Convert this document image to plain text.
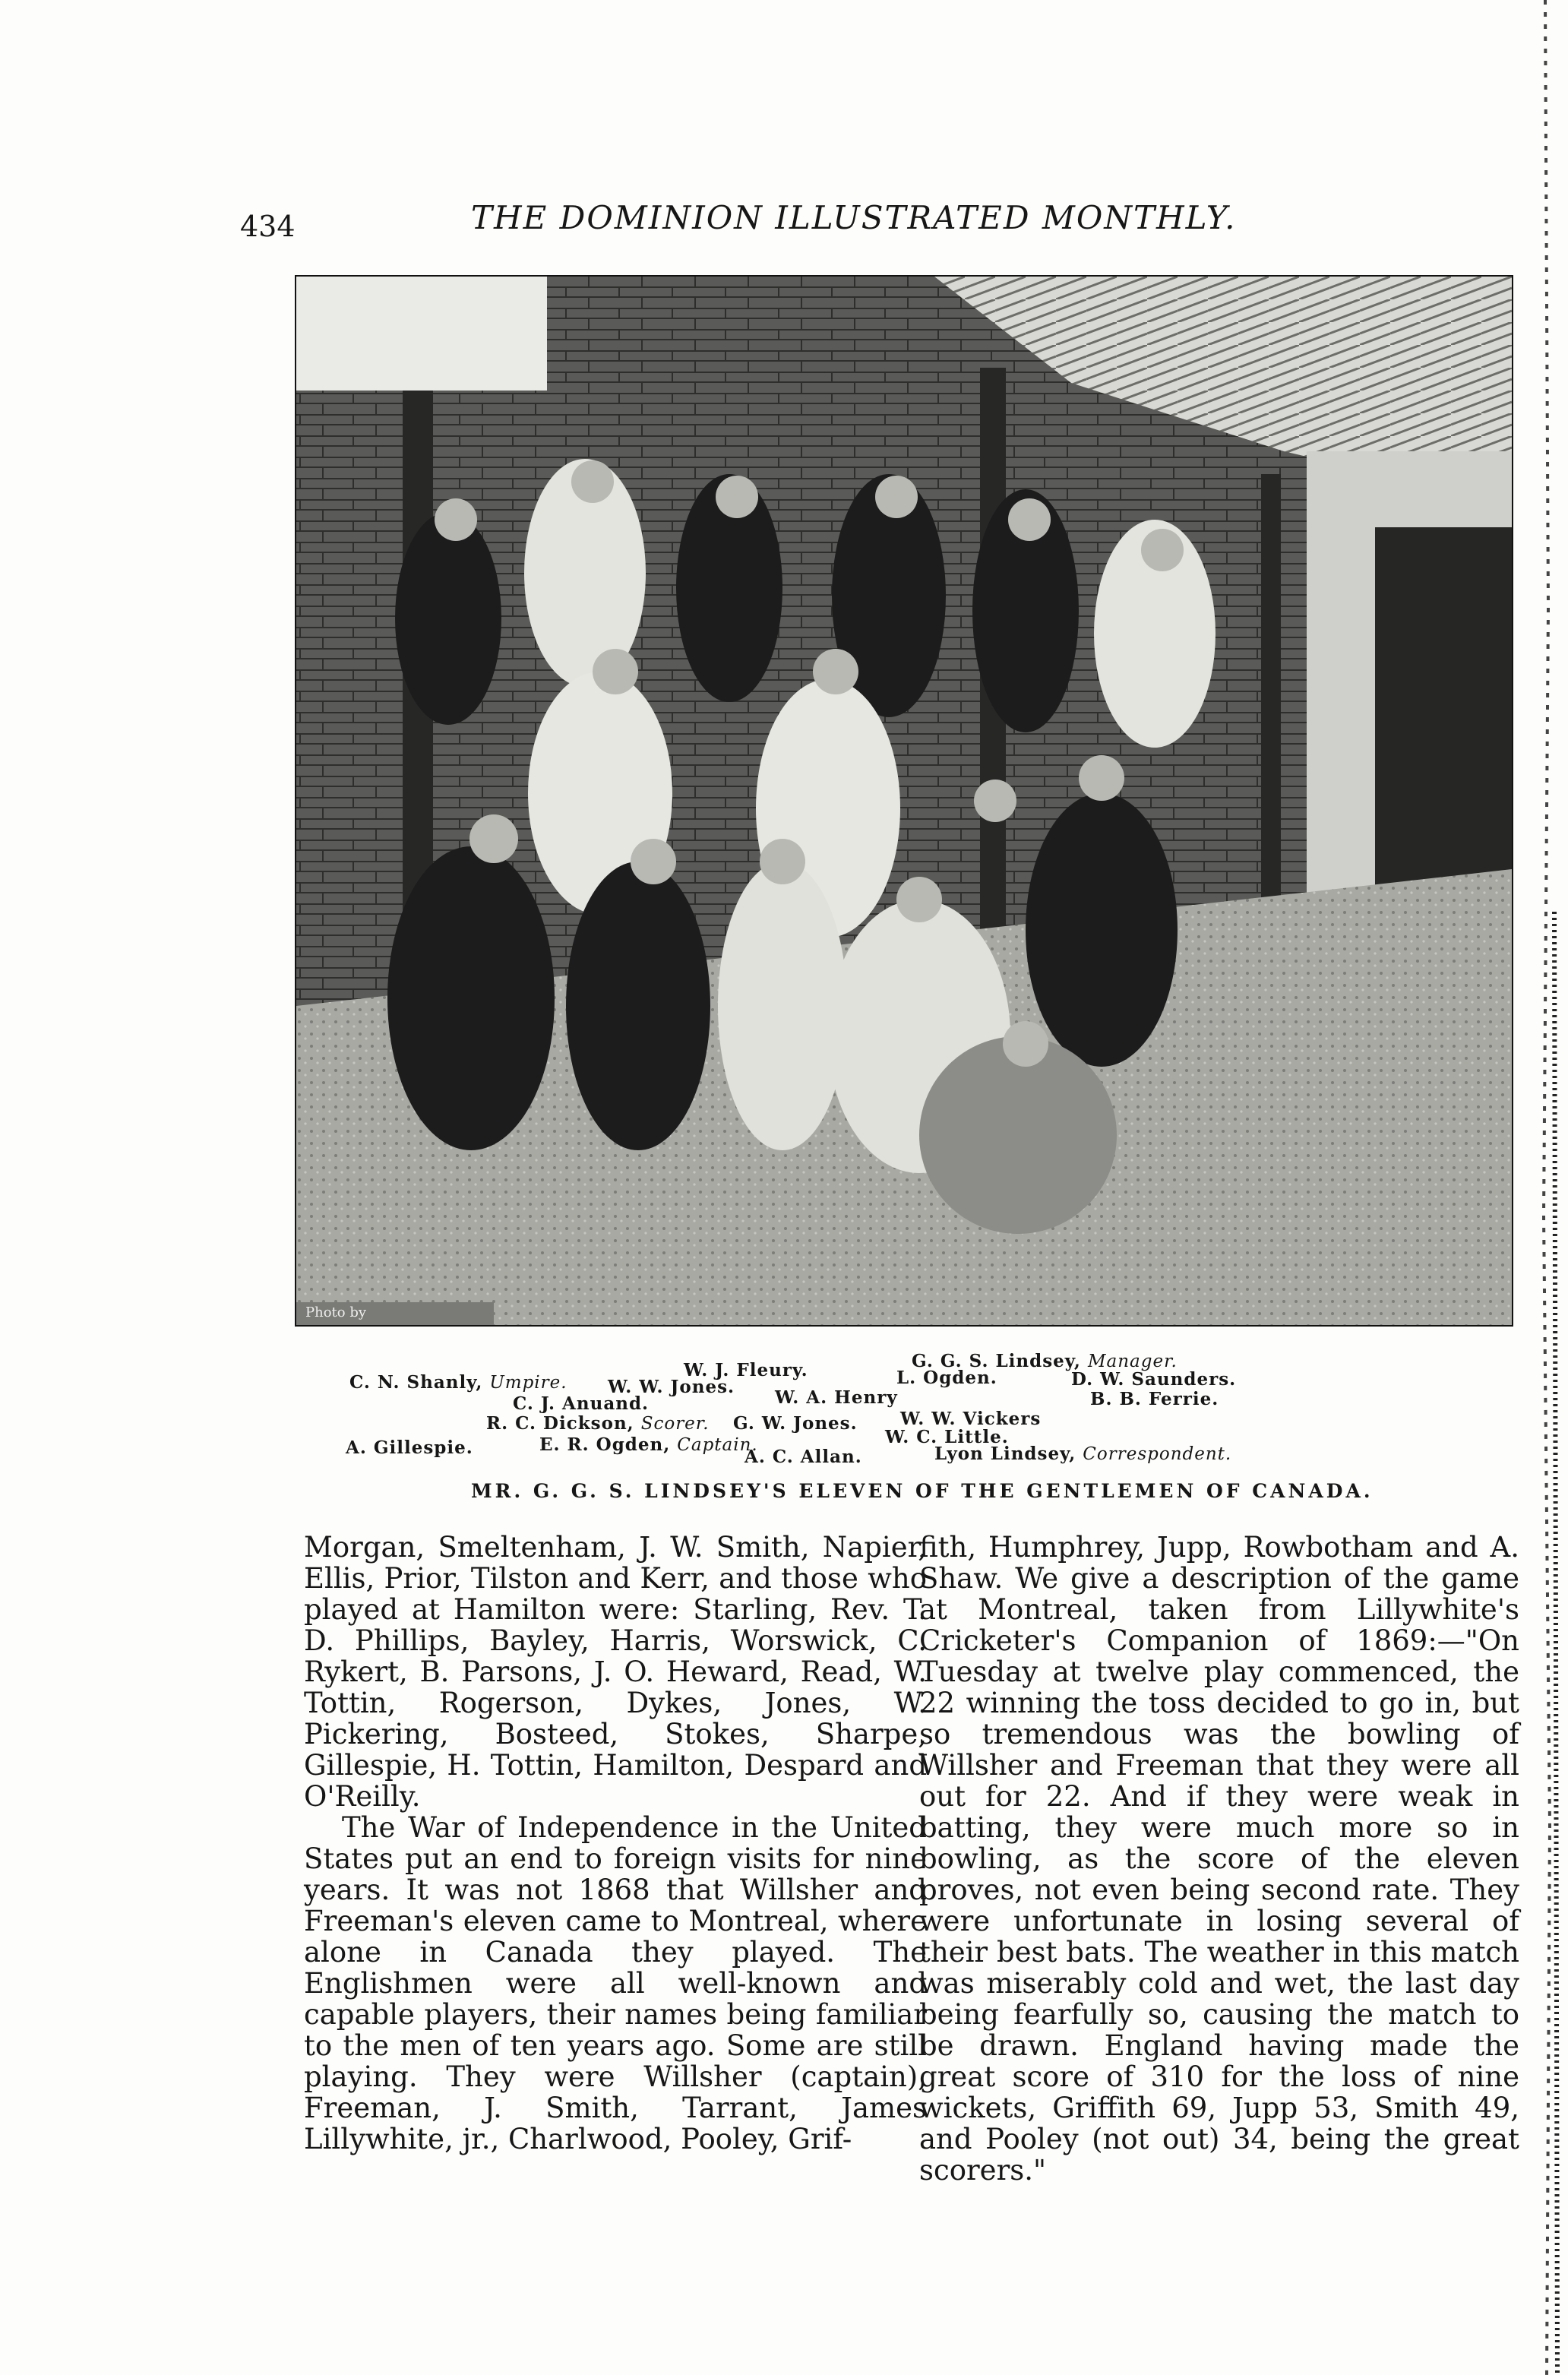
434	THE DOMINION ILLUSTRATED MONTHLY.
Photo by
C. N. Shanly, Umpire.
W. J. Fleury.
W. W. Jones.
G. G. S. Lindsey, Manager.
L. Ogden.	D. W. Saunders.
C. J. Anuand.	W. A. Henry	B. B. Ferrie.
R. C. Dickson, Scorer. G. W. Jones. W. W. Vickers
W. C. Little.
A. Gillespie.	E. R. Ogden, Captain.
A. C. Allan.	Lyon Lindsey, Correspondent.
MR. G. G. S. LINDSEY'S ELEVEN OF THE GENTLEMEN OF CANADA.

Morgan, Smeltenham, J. W. Smith, Napier, Ellis, Prior, Tilston and Kerr, and those who played at Hamilton were: Starling, Rev. T. D. Phillips, Bayley, Harris, Worswick, C. Rykert, B. Parsons, J. O. Heward, Read, W. Tottin, Rogerson, Dykes, Jones, W. Pickering, Bosteed, Stokes, Sharpe, Gillespie, H. Tottin, Hamilton, Despard and O'Reilly.

The War of Independence in the United States put an end to foreign visits for nine years. It was not 1868 that Willsher and Freeman's eleven came to Montreal, where alone in Canada they played. The Englishmen were all well-known and capable players, their names being familiar to the men of ten years ago. Some are still playing. They were Willsher (captain), Freeman, J. Smith, Tarrant, James Lillywhite, jr., Charlwood, Pooley, Grif-

fith, Humphrey, Jupp, Rowbotham and A. Shaw. We give a description of the game at Montreal, taken from Lillywhite's Cricketer's Companion of 1869:—"On Tuesday at twelve play commenced, the 22 winning the toss decided to go in, but so tremendous was the bowling of Willsher and Freeman that they were all out for 22. And if they were weak in batting, they were much more so in bowling, as the score of the eleven proves, not even being second rate. They were unfortunate in losing several of their best bats. The weather in this match was miserably cold and wet, the last day being fearfully so, causing the match to be drawn. England having made the great score of 310 for the loss of nine wickets, Griffith 69, Jupp 53, Smith 49, and Pooley (not out) 34, being the great scorers."
